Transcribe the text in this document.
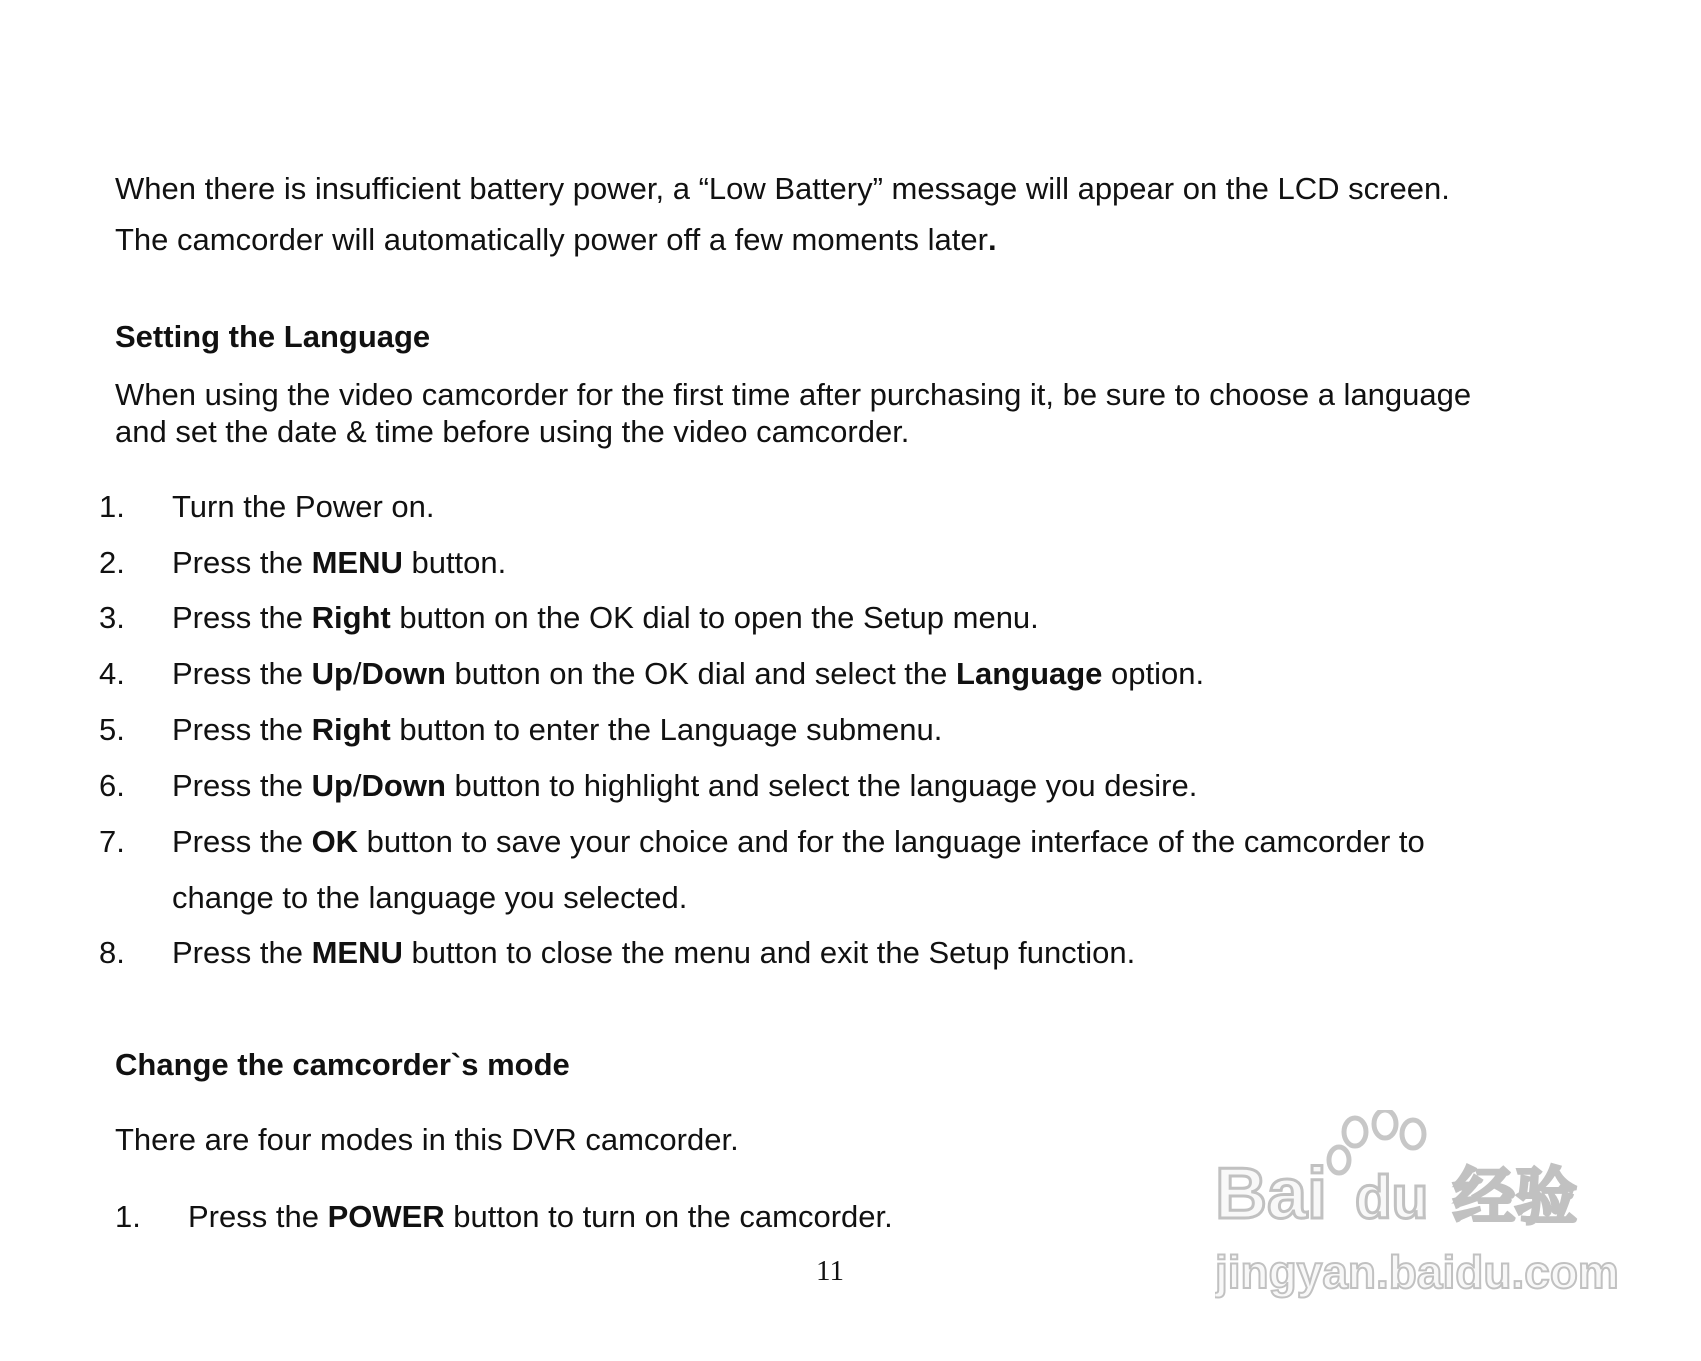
When there is insufficient battery power, a “Low Battery” message will appear on the LCD screen.

The camcorder will automatically power off a few moments later.

Setting the Language

When using the video camcorder for the first time after purchasing it, be sure to choose a language

and set the date & time before using the video camcorder.

1. Turn the Power on.
2. Press the MENU button.
3. Press the Right button on the OK dial to open the Setup menu.
4. Press the Up/Down button on the OK dial and select the Language option.
5. Press the Right button to enter the Language submenu.
6. Press the Up/Down button to highlight and select the language you desire.
7. Press the OK button to save your choice and for the language interface of the camcorder to
change to the language you selected.
8. Press the MENU button to close the menu and exit the Setup function.
Change the camcorder`s mode

There are four modes in this DVR camcorder.

1. Press the POWER button to turn on the camcorder.
11
Bai du 经验
jingyan.baidu.com
